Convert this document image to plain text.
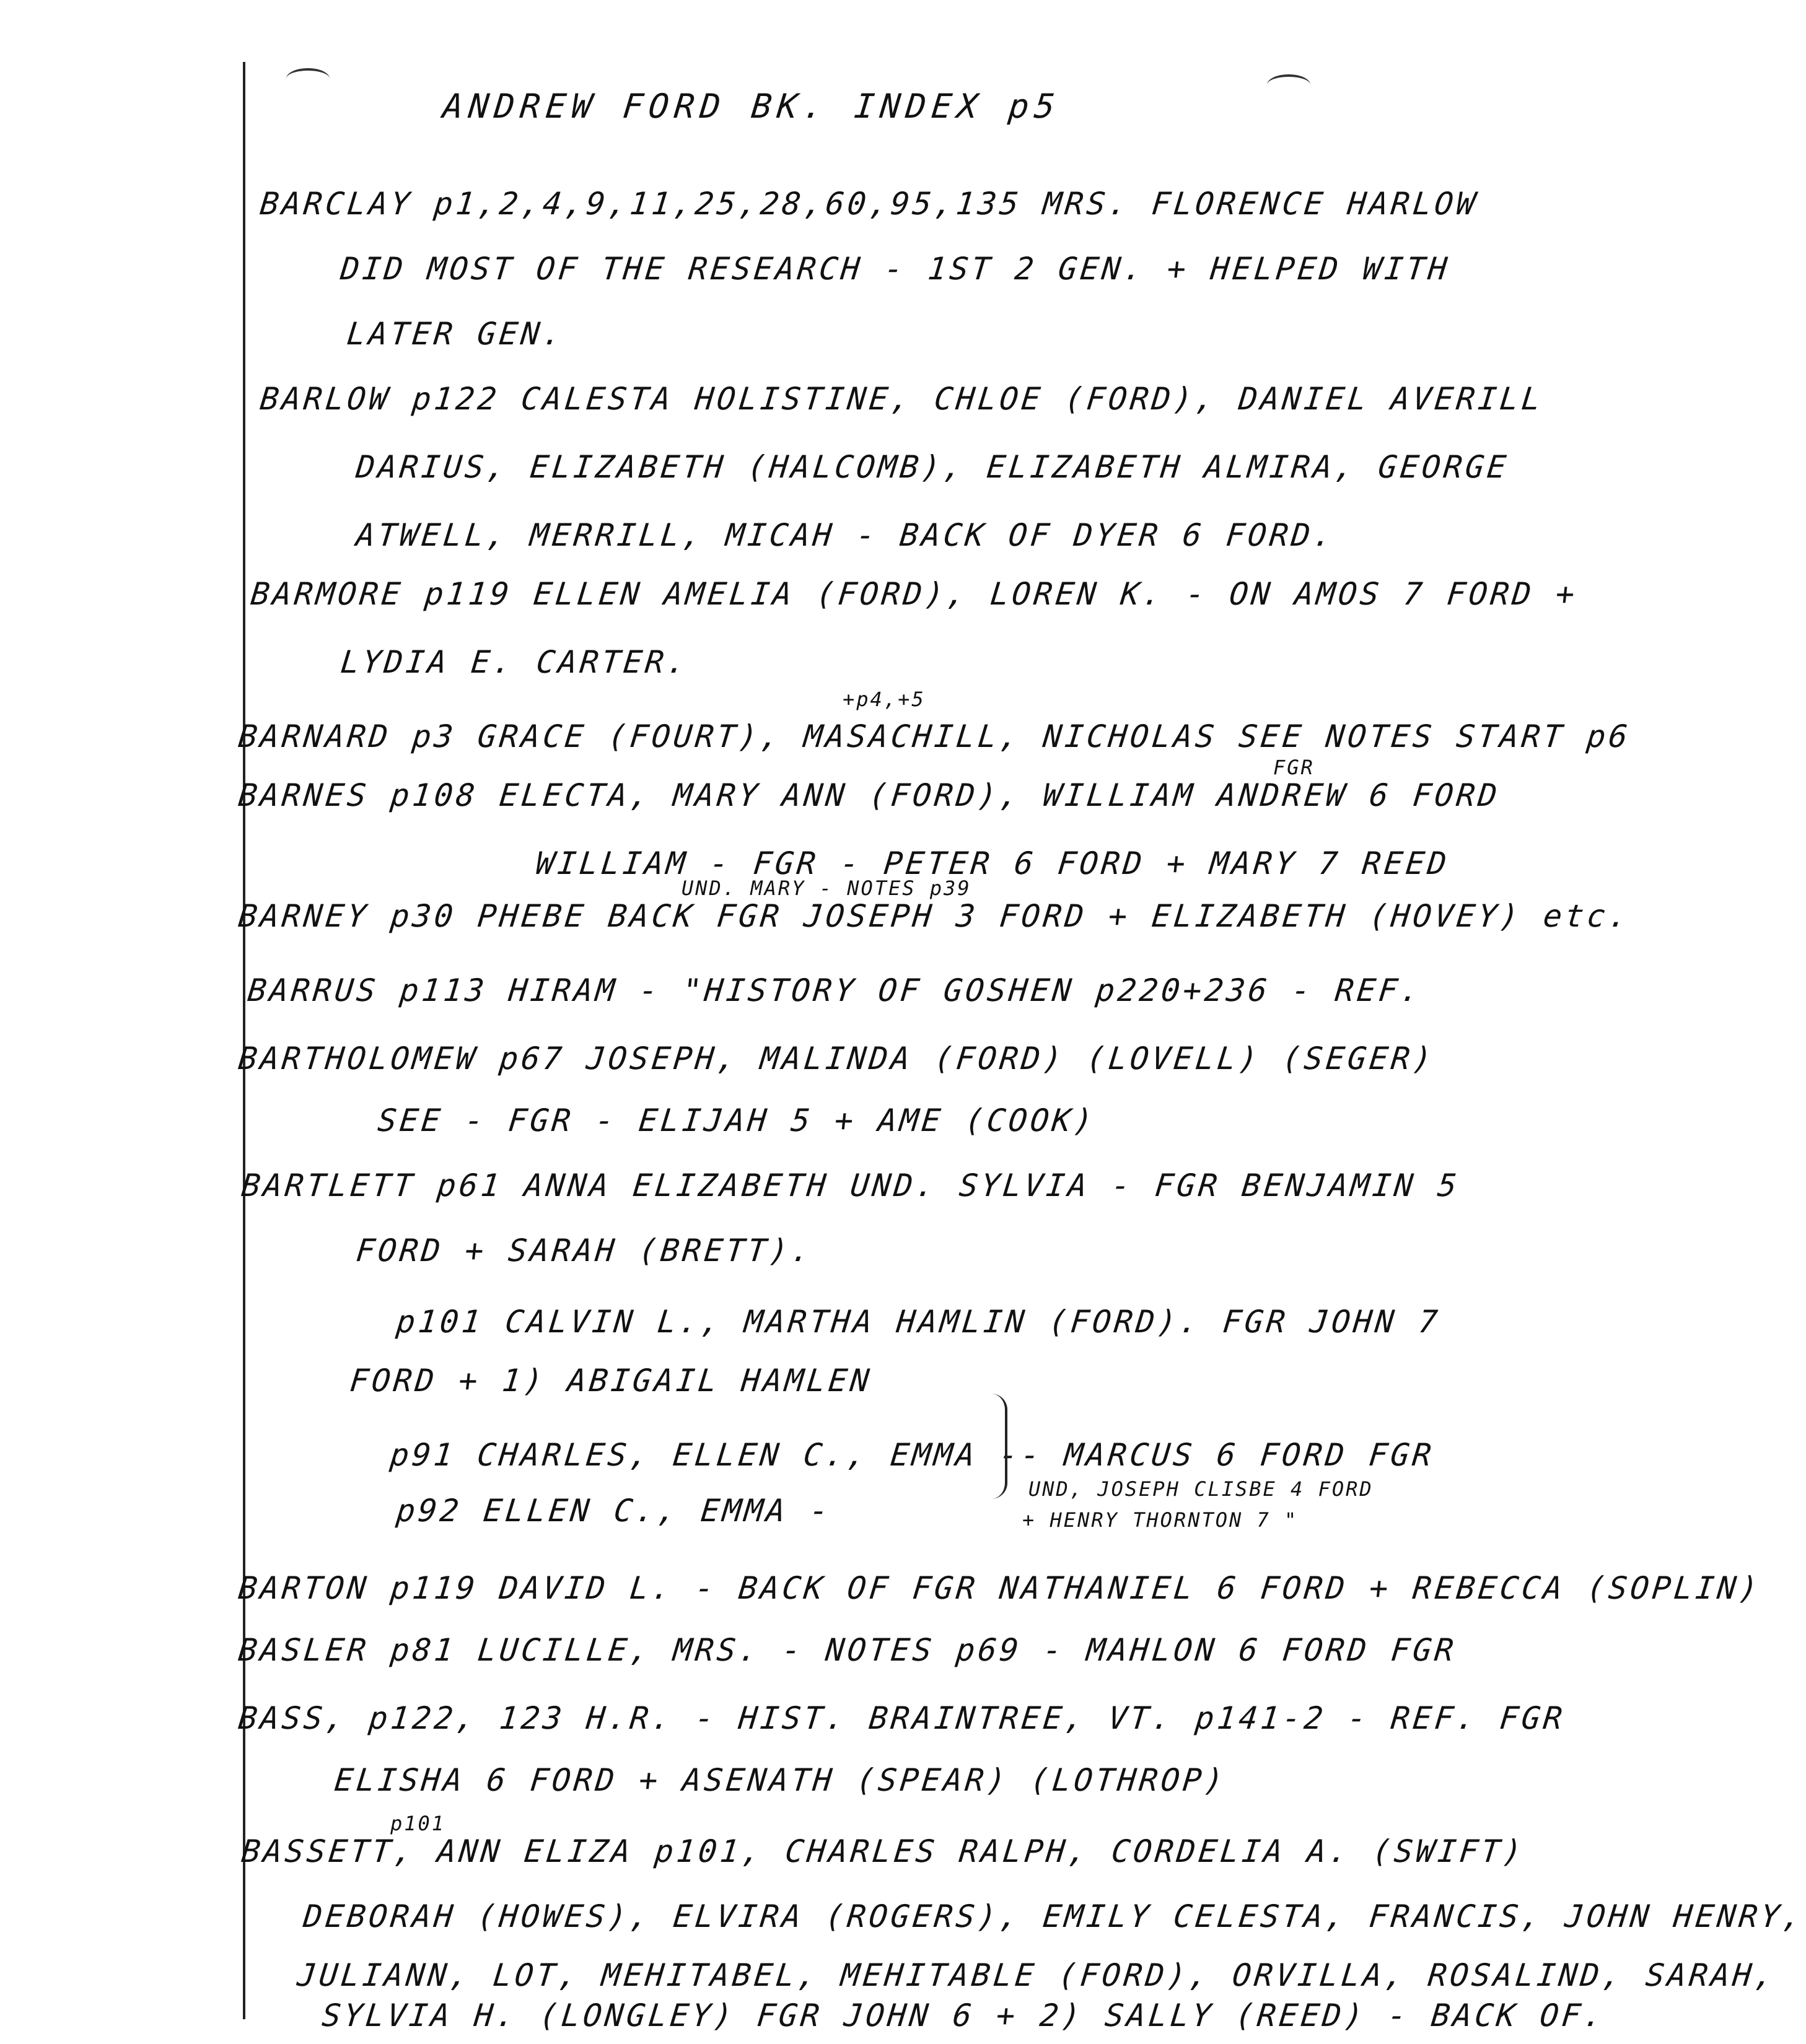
ANDREW FORD BK. INDEX p5
BARCLAY p1,2,4,9,11,25,28,60,95,135 MRS. FLORENCE HARLOW
DID MOST OF THE RESEARCH - 1ST 2 GEN. + HELPED WITH
LATER GEN.
BARLOW p122 CALESTA HOLISTINE, CHLOE (FORD), DANIEL AVERILL
DARIUS, ELIZABETH (HALCOMB), ELIZABETH ALMIRA, GEORGE
ATWELL, MERRILL, MICAH - BACK OF DYER 6 FORD.
BARMORE p119 ELLEN AMELIA (FORD), LOREN K. - ON AMOS 7 FORD +
LYDIA E. CARTER.
+p4,+5
BARNARD p3 GRACE (FOURT), MASACHILL, NICHOLAS SEE NOTES START p6
FGR
BARNES p108 ELECTA, MARY ANN (FORD), WILLIAM ANDREW 6 FORD
WILLIAM - FGR - PETER 6 FORD + MARY 7 REED
UND. MARY - NOTES p39
BARNEY p30 PHEBE BACK FGR JOSEPH 3 FORD + ELIZABETH (HOVEY) etc.
BARRUS p113 HIRAM - "HISTORY OF GOSHEN p220+236 - REF.
BARTHOLOMEW p67 JOSEPH, MALINDA (FORD) (LOVELL) (SEGER)
SEE - FGR - ELIJAH 5 + AME (COOK)
BARTLETT p61 ANNA ELIZABETH UND. SYLVIA - FGR BENJAMIN 5
FORD + SARAH (BRETT).
p101 CALVIN L., MARTHA HAMLIN (FORD). FGR JOHN 7
FORD + 1) ABIGAIL HAMLEN
p91 CHARLES, ELLEN C., EMMA -- MARCUS 6 FORD FGR
p92 ELLEN C., EMMA -
UND, JOSEPH CLISBE 4 FORD
+ HENRY THORNTON 7 "
BARTON p119 DAVID L. - BACK OF FGR NATHANIEL 6 FORD + REBECCA (SOPLIN)
BASLER p81 LUCILLE, MRS. - NOTES p69 - MAHLON 6 FORD FGR
BASS, p122, 123 H.R. - HIST. BRAINTREE, VT. p141-2 - REF. FGR
ELISHA 6 FORD + ASENATH (SPEAR) (LOTHROP)
p101
BASSETT, ANN ELIZA p101, CHARLES RALPH, CORDELIA A. (SWIFT)
DEBORAH (HOWES), ELVIRA (ROGERS), EMILY CELESTA, FRANCIS, JOHN HENRY,
JULIANN, LOT, MEHITABEL, MEHITABLE (FORD), ORVILLA, ROSALIND, SARAH,
SYLVIA H. (LONGLEY) FGR JOHN 6 + 2) SALLY (REED) - BACK OF.
